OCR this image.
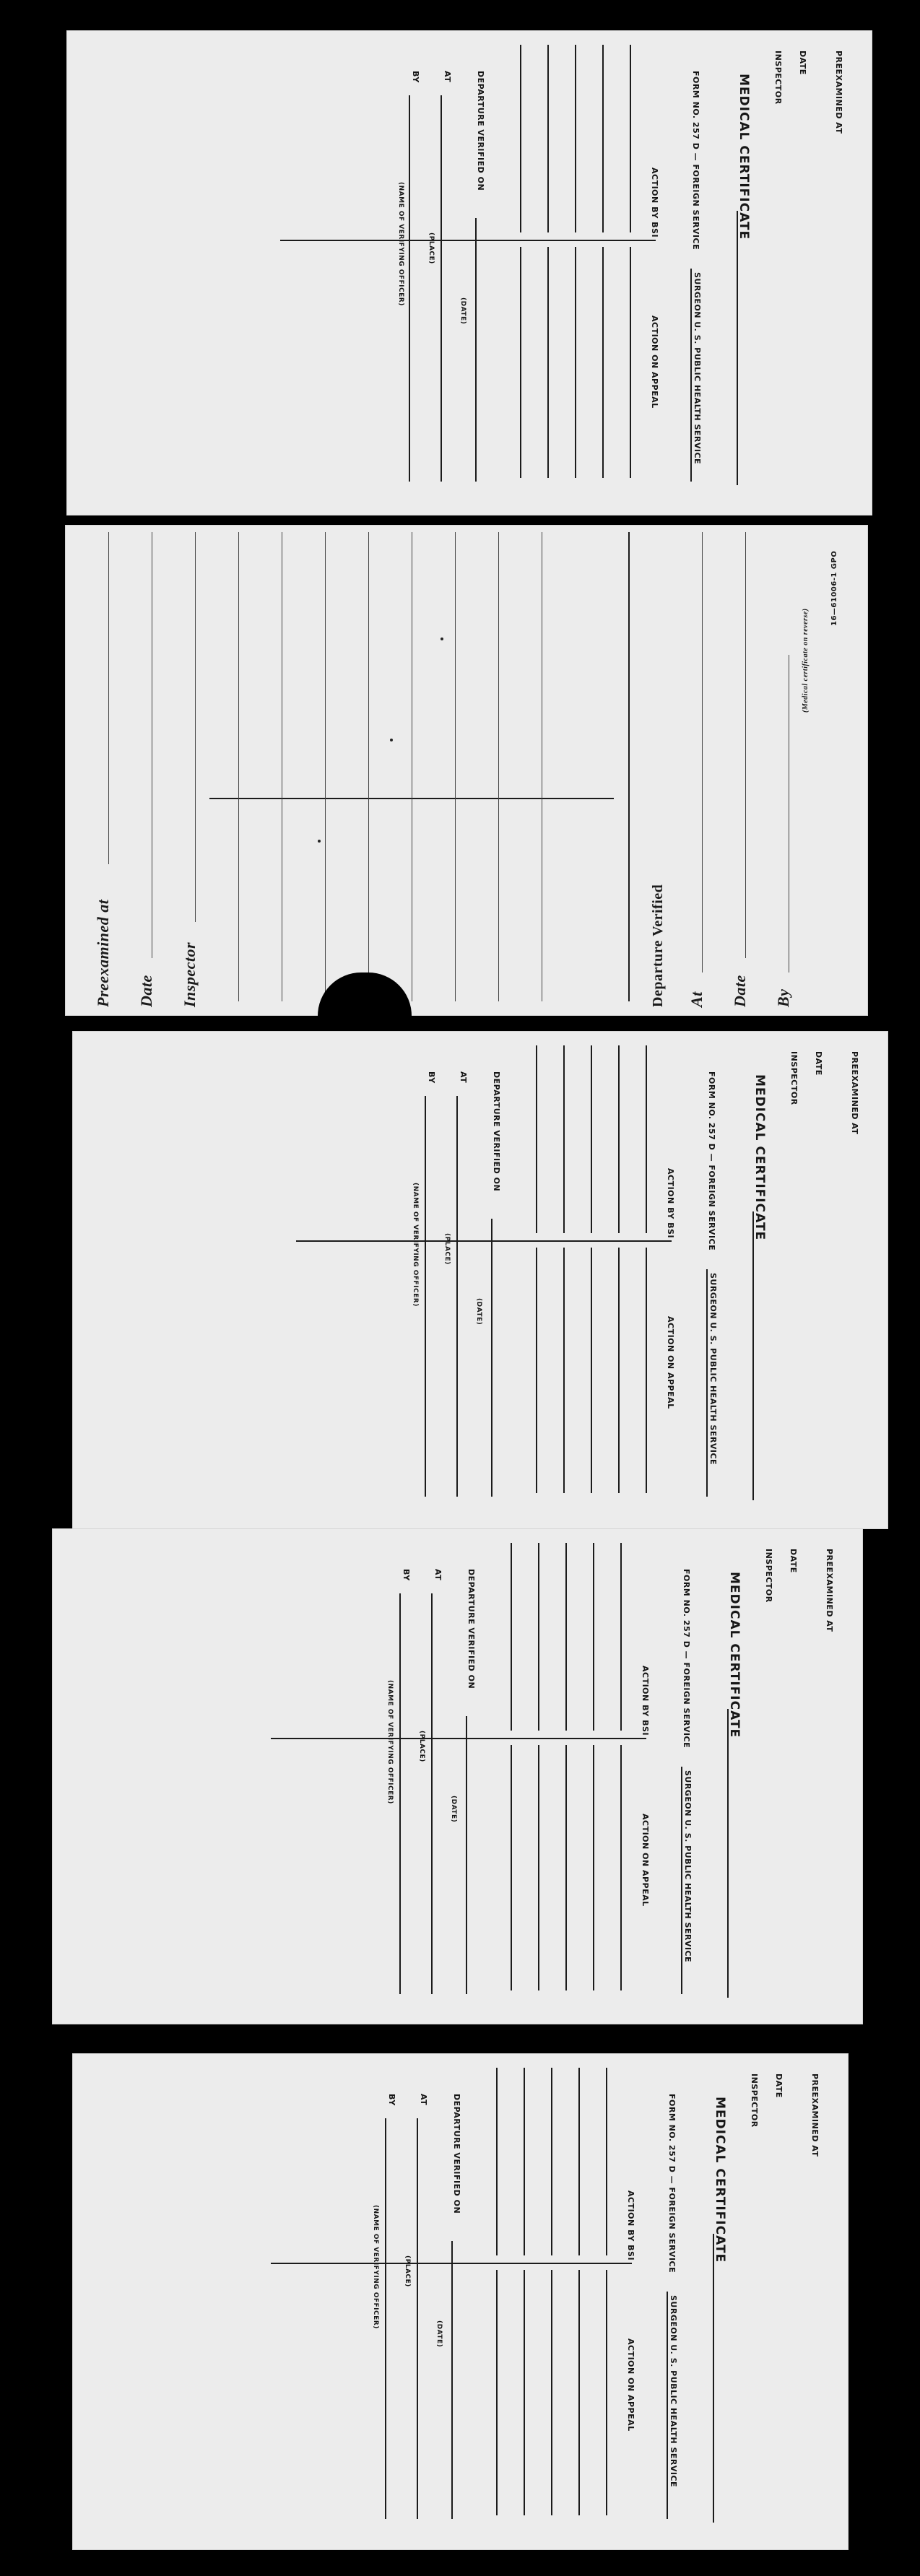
PREEXAMINED AT
DATE
INSPECTOR
MEDICAL CERTIFICATE
FORM NO. 257 D — FOREIGN SERVICE
SURGEON U. S. PUBLIC HEALTH SERVICE
ACTION BY BSI
ACTION ON APPEAL
DEPARTURE VERIFIED ON
(DATE)
AT
(PLACE)
BY
(NAME OF VERIFYING OFFICER)
Preexamined at Date Inspector	Departure Verified At Date By
(Medical certificate on reverse)
16—61006-1 GPO
PREEXAMINED AT
DATE
INSPECTOR
MEDICAL CERTIFICATE
FORM NO. 257 D — FOREIGN SERVICE
SURGEON U. S. PUBLIC HEALTH SERVICE
ACTION BY BSI
ACTION ON APPEAL
DEPARTURE VERIFIED ON
(DATE)
AT
(PLACE)
BY
(NAME OF VERIFYING OFFICER)
PREEXAMINED AT
DATE
INSPECTOR
MEDICAL CERTIFICATE
FORM NO. 257 D — FOREIGN SERVICE
SURGEON U. S. PUBLIC HEALTH SERVICE
ACTION BY BSI
ACTION ON APPEAL
DEPARTURE VERIFIED ON
(DATE)
AT
(PLACE)
BY
(NAME OF VERIFYING OFFICER)
PREEXAMINED AT
DATE
INSPECTOR
MEDICAL CERTIFICATE
FORM NO. 257 D — FOREIGN SERVICE
SURGEON U. S. PUBLIC HEALTH SERVICE
ACTION BY BSI
ACTION ON APPEAL
DEPARTURE VERIFIED ON
(DATE)
AT
(PLACE)
BY
(NAME OF VERIFYING OFFICER)
